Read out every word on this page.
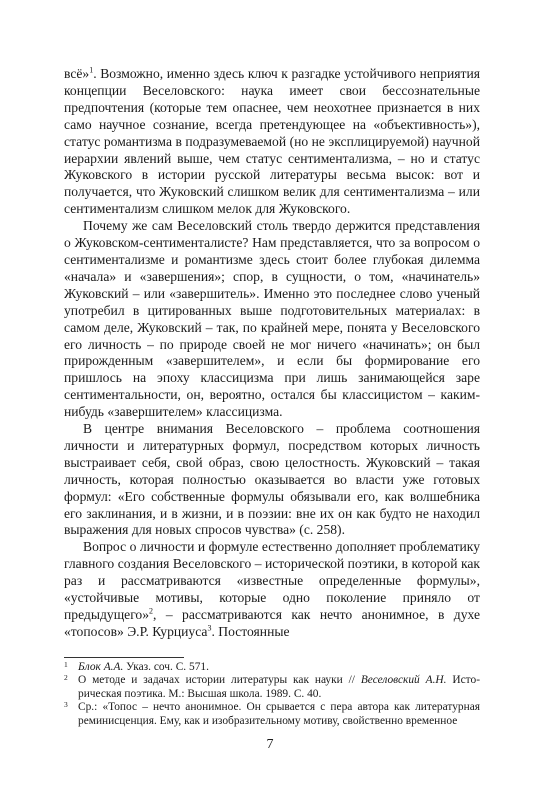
всё»$^1$. Возможно, именно здесь ключ к разгадке устойчивого неприятия концепции Веселовского: наука имеет свои бессознательные предпочтения (которые тем опаснее, чем неохотнее признается в них само научное сознание, всегда претендующее на «объективность»), статус романтизма в подразумеваемой (но не эксплицируемой) научной иерархии явлений выше, чем статус сентиментализма, – но и статус Жуковского в истории русской литературы весьма высок: вот и получается, что Жуковский слишком велик для сентиментализма – или сентиментализм слишком мелок для Жуковского.

Почему же сам Веселовский столь твердо держится представления о Жуковском-сентименталисте? Нам представляется, что за вопросом о сентиментализме и романтизме здесь стоит более глубокая дилемма «начала» и «завершения»; спор, в сущности, о том, «начинатель» Жуковский – или «завершитель». Именно это последнее слово ученый употребил в цитированных выше подготовительных материалах: в самом деле, Жуковский – так, по крайней мере, понята у Веселовского его личность – по природе своей не мог ничего «начинать»; он был прирожденным «завершителем», и если бы формирование его пришлось на эпоху классицизма при лишь занимающейся заре сентиментальности, он, вероятно, остался бы классицистом – каким-нибудь «завершителем» классицизма.

В центре внимания Веселовского – проблема соотношения личности и литературных формул, посредством которых личность выстраивает себя, свой образ, свою целостность. Жуковский – такая личность, которая полностью оказывается во власти уже готовых формул: «Его собственные формулы обязывали его, как волшебника его заклинания, и в жизни, и в поэзии: вне их он как будто не находил выражения для новых спросов чувства» (с. 258).

Вопрос о личности и формуле естественно дополняет проблематику главного создания Веселовского – исторической поэтики, в которой как раз и рассматриваются «известные определенные формулы», «устойчивые мотивы, которые одно поколение приняло от предыдущего»$^2$, – рассматриваются как нечто анонимное, в духе «топосов» Э.Р. Курциуса$^3$. Постоянные

1 Блок А.А. Указ. соч. С. 571.

2 О методе и задачах истории литературы как науки // Веселовский А.Н. Историческая поэтика. М.: Высшая школа. 1989. С. 40.

3 Ср.: «Топос – нечто анонимное. Он срывается с пера автора как литературная реминисценция. Ему, как и изобразительному мотиву, свойственно временное

7
